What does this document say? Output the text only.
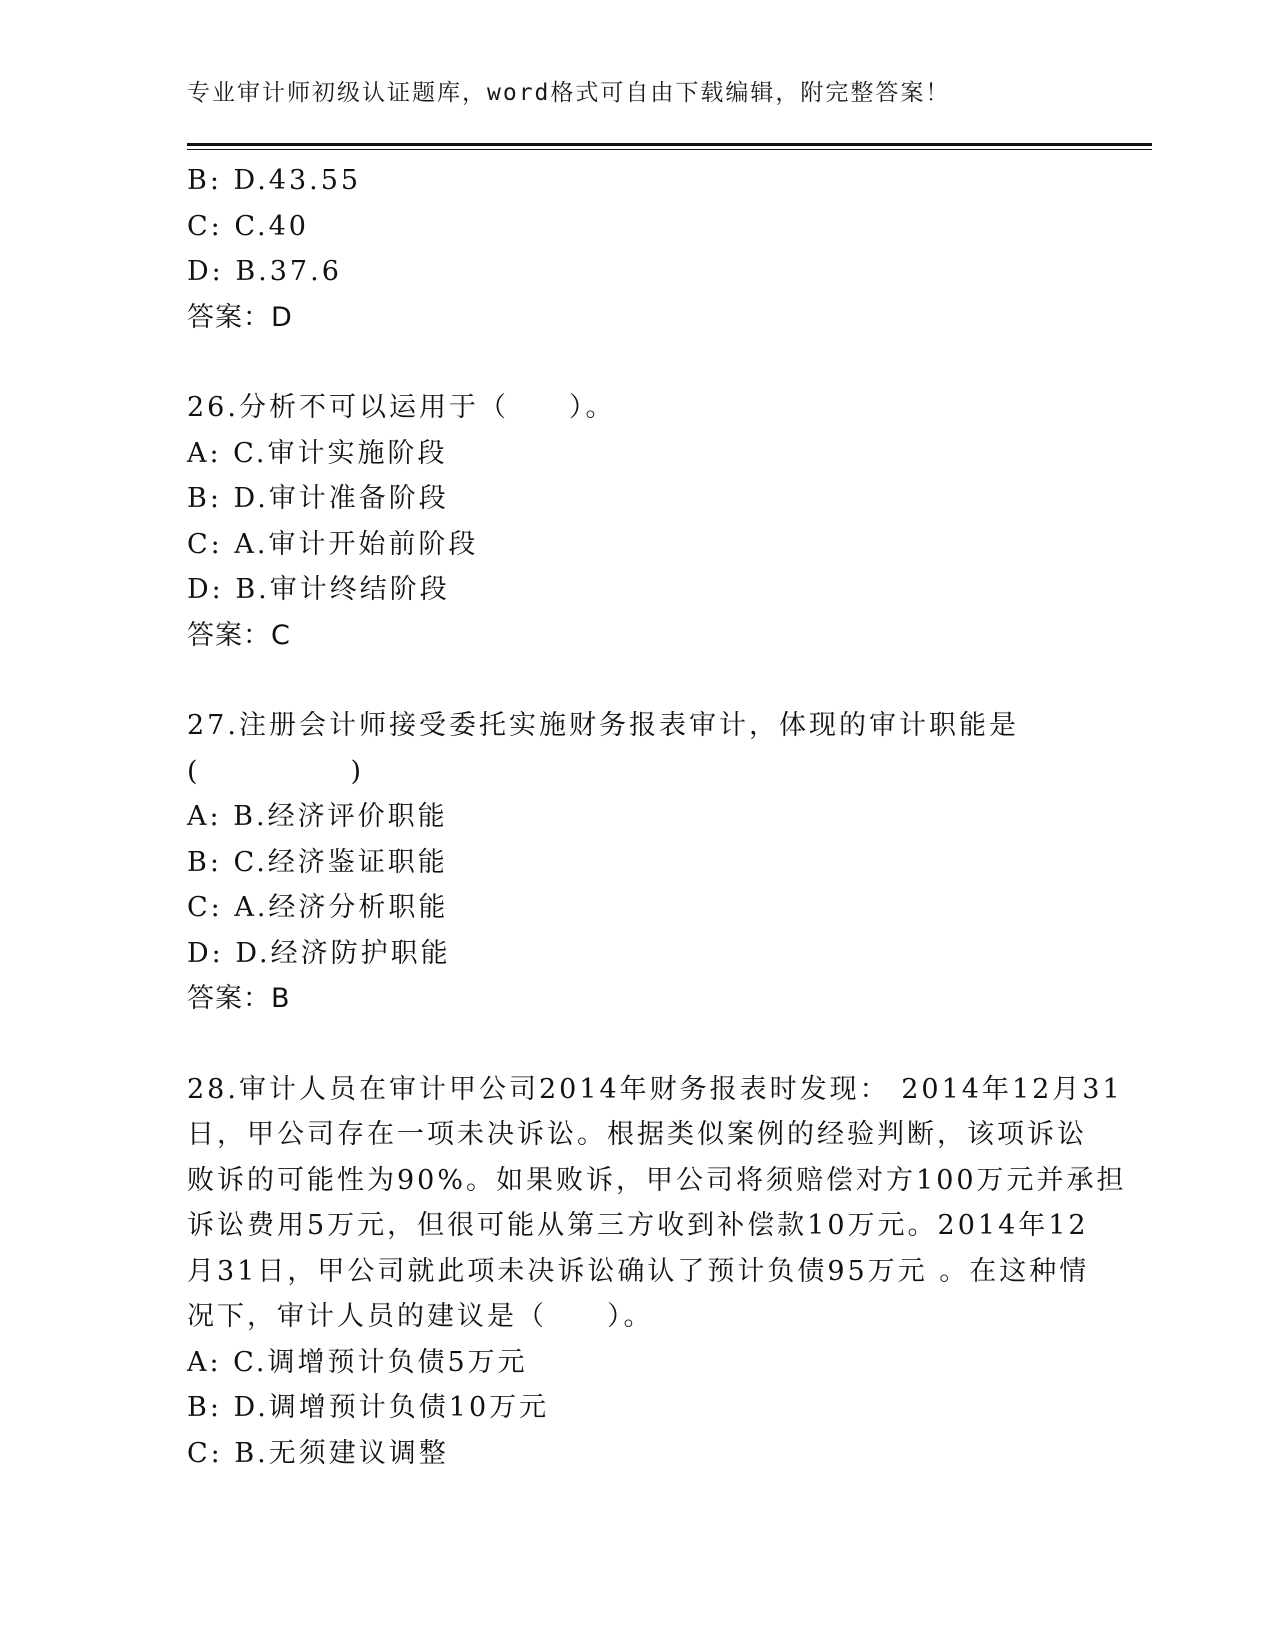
专业审计师初级认证题库，word格式可自由下载编辑，附完整答案！
B: D.43.55
C: C.40
D: B.37.6
答案：D
26.分析不可以运用于（　　）。
A: C.审计实施阶段
B: D.审计准备阶段
C: A.审计开始前阶段
D: B.审计终结阶段
答案：C
27.注册会计师接受委托实施财务报表审计，体现的审计职能是
(　　　　　)
A: B.经济评价职能
B: C.经济鉴证职能
C: A.经济分析职能
D: D.经济防护职能
答案：B
28.审计人员在审计甲公司2014年财务报表时发现： 2014年12月31
日，甲公司存在一项未决诉讼。根据类似案例的经验判断，该项诉讼
败诉的可能性为90%。如果败诉，甲公司将须赔偿对方100万元并承担
诉讼费用5万元，但很可能从第三方收到补偿款10万元。2014年12
月31日，甲公司就此项未决诉讼确认了预计负债95万元 。在这种情
况下，审计人员的建议是（　　）。
A: C.调增预计负债5万元
B: D.调增预计负债10万元
C: B.无须建议调整
